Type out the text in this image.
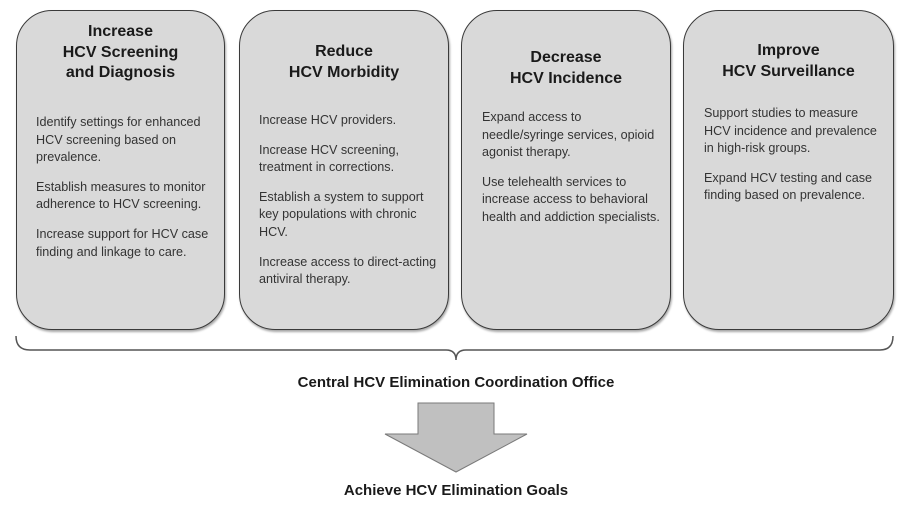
Increase
HCV Screening
and Diagnosis

Identify settings for enhanced HCV screening based on prevalence.

Establish measures to monitor adherence to HCV screening.

Increase support for HCV case finding and linkage to care.

Reduce
HCV Morbidity

Increase HCV providers.

Increase HCV screening, treatment in corrections.

Establish a system to support key populations with chronic HCV.

Increase access to direct-acting antiviral therapy.

Decrease
HCV Incidence

Expand access to needle/syringe services, opioid agonist therapy.

Use telehealth services to increase access to behavioral health and addiction specialists.

Improve
HCV Surveillance

Support studies to measure HCV incidence and prevalence in high-risk groups.

Expand HCV testing and case finding based on prevalence.

Central HCV Elimination Coordination Office
Achieve HCV Elimination Goals
